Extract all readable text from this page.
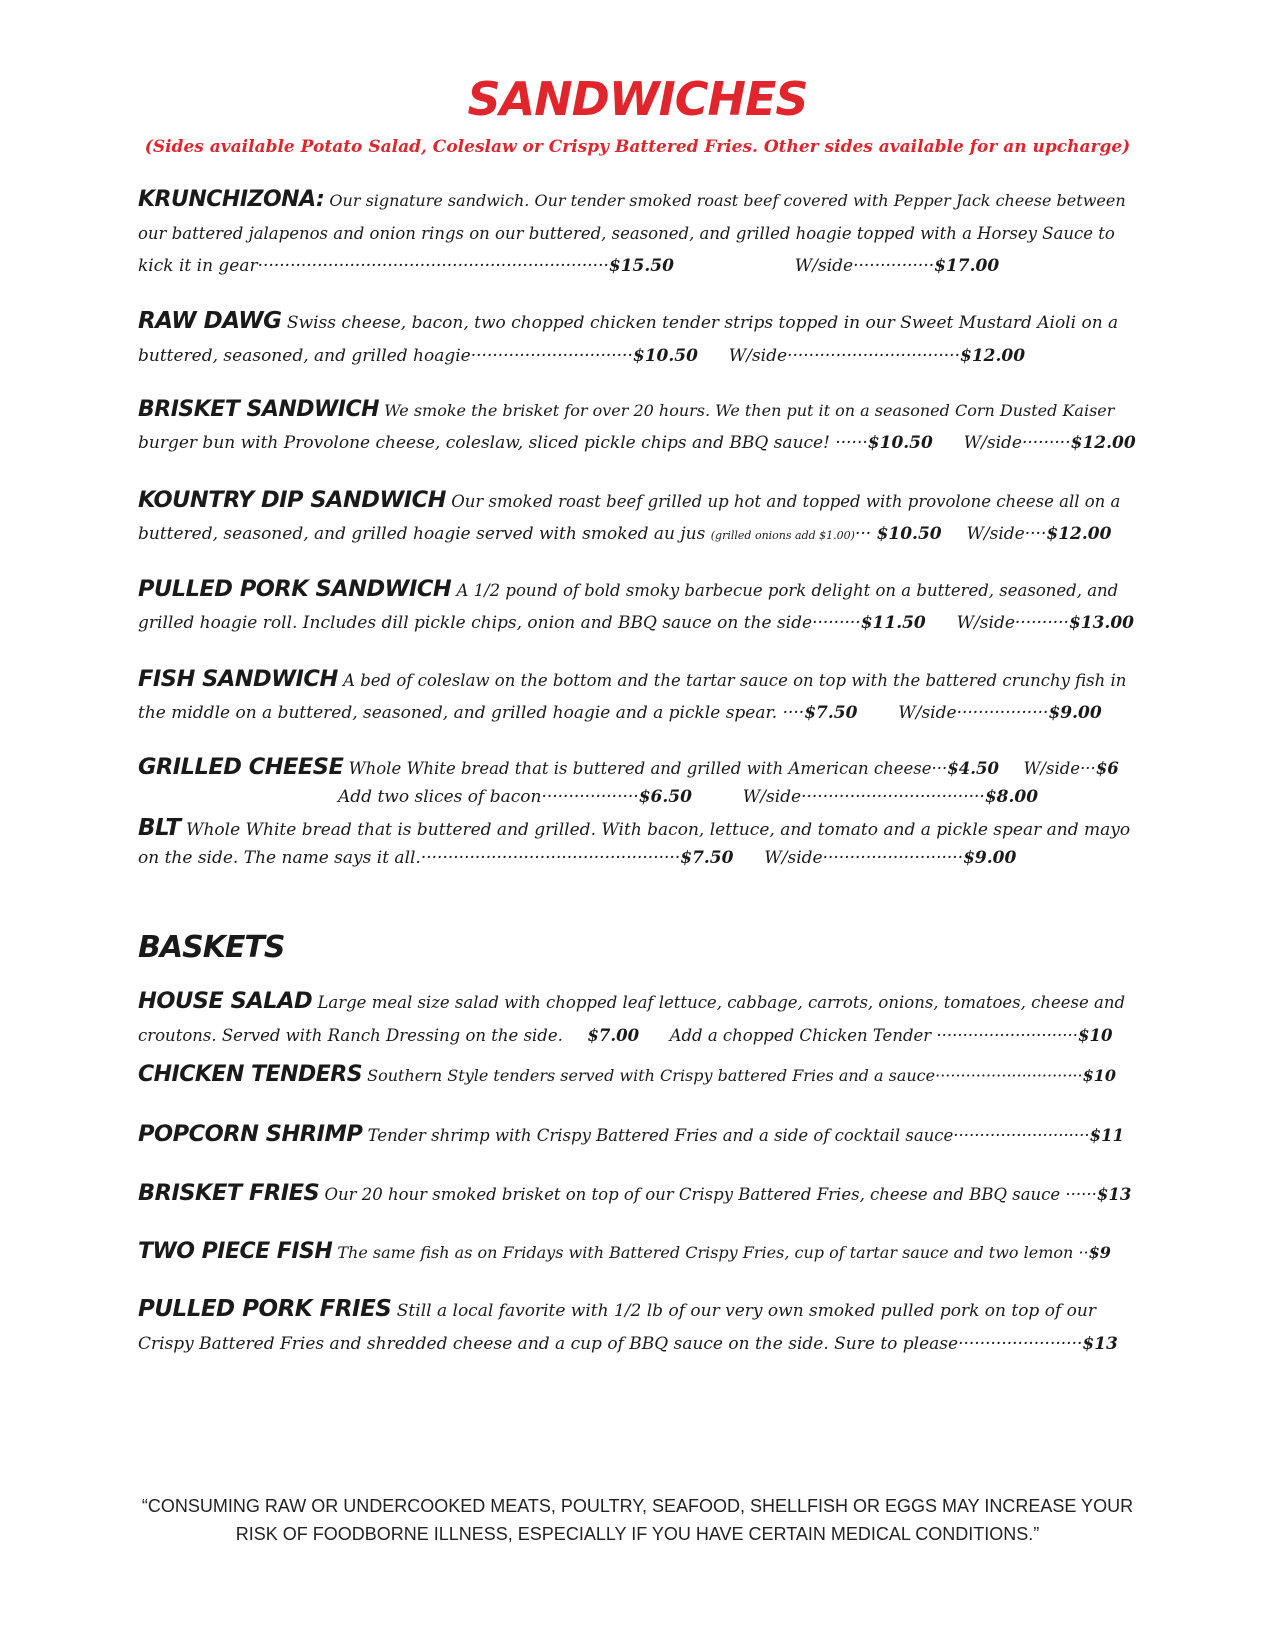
SANDWICHES
(Sides available Potato Salad, Coleslaw or Crispy Battered Fries. Other sides available for an upcharge)
KRUNCHIZONA: Our signature sandwich. Our tender smoked roast beef covered with Pepper Jack cheese between
our battered jalapenos and onion rings on our buttered, seasoned, and grilled hoagie topped with a Horsey Sauce to
kick it in gear·································································$15.50	W/side···············$17.00
RAW DAWG Swiss cheese, bacon, two chopped chicken tender strips topped in our Sweet Mustard Aioli on a
buttered, seasoned, and grilled hoagie······························$10.50 W/side································$12.00
BRISKET SANDWICH We smoke the brisket for over 20 hours. We then put it on a seasoned Corn Dusted Kaiser
burger bun with Provolone cheese, coleslaw, sliced pickle chips and BBQ sauce! ······$10.50 W/side·········$12.00
KOUNTRY DIP SANDWICH Our smoked roast beef grilled up hot and topped with provolone cheese all on a
buttered, seasoned, and grilled hoagie served with smoked au jus (grilled onions add $1.00)··· $10.50 W/side····$12.00
PULLED PORK SANDWICH A 1/2 pound of bold smoky barbecue pork delight on a buttered, seasoned, and
grilled hoagie roll. Includes dill pickle chips, onion and BBQ sauce on the side·········$11.50 W/side··········$13.00
FISH SANDWICH A bed of coleslaw on the bottom and the tartar sauce on top with the battered crunchy fish in
the middle on a buttered, seasoned, and grilled hoagie and a pickle spear. ····$7.50 W/side·················$9.00
GRILLED CHEESE Whole White bread that is buttered and grilled with American cheese···$4.50 W/side···$6
Add two slices of bacon··················$6.50	W/side··································$8.00
BLT Whole White bread that is buttered and grilled. With bacon, lettuce, and tomato and a pickle spear and mayo
on the side. The name says it all.················································$7.50 W/side··························$9.00
BASKETS
HOUSE SALAD Large meal size salad with chopped leaf lettuce, cabbage, carrots, onions, tomatoes, cheese and
croutons. Served with Ranch Dressing on the side. $7.00 Add a chopped Chicken Tender ···························$10
CHICKEN TENDERS Southern Style tenders served with Crispy battered Fries and a sauce·····························$10
POPCORN SHRIMP Tender shrimp with Crispy Battered Fries and a side of cocktail sauce··························$11
BRISKET FRIES Our 20 hour smoked brisket on top of our Crispy Battered Fries, cheese and BBQ sauce ······$13
TWO PIECE FISH The same fish as on Fridays with Battered Crispy Fries, cup of tartar sauce and two lemon ··$9
PULLED PORK FRIES Still a local favorite with 1/2 lb of our very own smoked pulled pork on top of our
Crispy Battered Fries and shredded cheese and a cup of BBQ sauce on the side. Sure to please·······················$13
“CONSUMING RAW OR UNDERCOOKED MEATS, POULTRY, SEAFOOD, SHELLFISH OR EGGS MAY INCREASE YOUR
RISK OF FOODBORNE ILLNESS, ESPECIALLY IF YOU HAVE CERTAIN MEDICAL CONDITIONS.”
